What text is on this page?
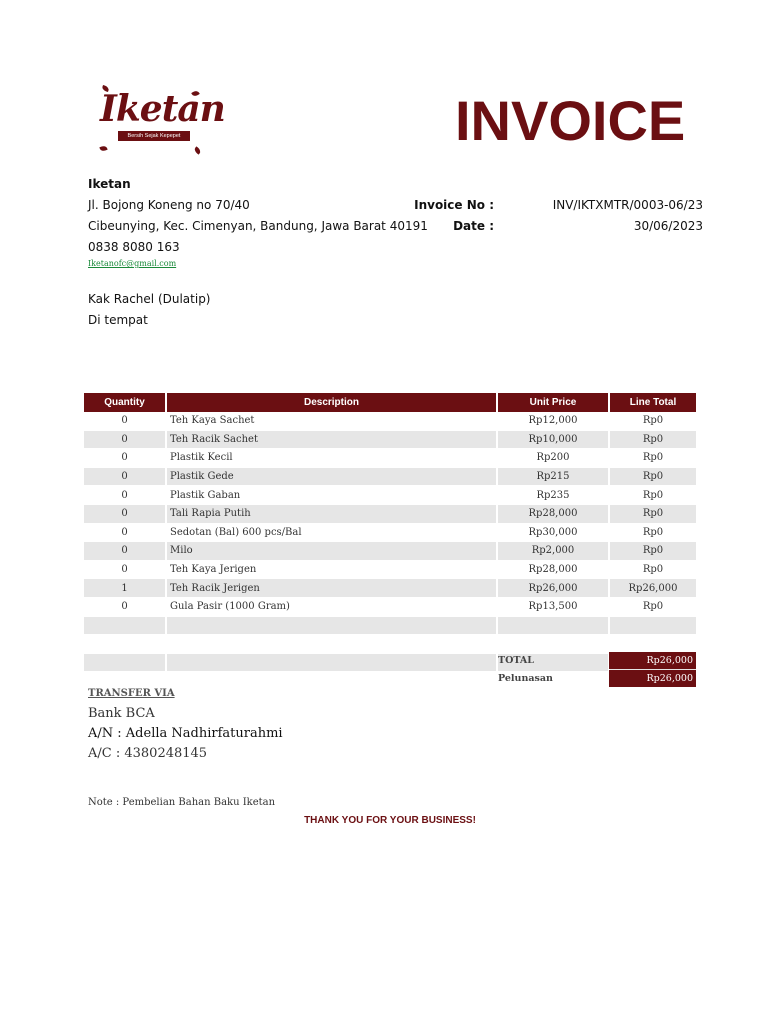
Iketan
Bersih Sejak Kepepet	INVOICE
Iketan
Jl. Bojong Koneng no 70/40
Cibeunying, Kec. Cimenyan, Bandung, Jawa Barat 40191
0838 8080 163
Iketanofc@gmail.com
Invoice No :	INV/IKTXMTR/0003-06/23
Date :	30/06/2023
Kak Rachel (Dulatip)
Di tempat
Quantity	Description	Unit Price	Line Total
0	Teh Kaya Sachet	Rp12,000	Rp0
0	Teh Racik Sachet	Rp10,000	Rp0
0	Plastik Kecil	Rp200	Rp0
0	Plastik Gede	Rp215	Rp0
0	Plastik Gaban	Rp235	Rp0
0	Tali Rapia Putih	Rp28,000	Rp0
0	Sedotan (Bal) 600 pcs/Bal	Rp30,000	Rp0
0	Milo	Rp2,000	Rp0
0	Teh Kaya Jerigen	Rp28,000	Rp0
1	Teh Racik Jerigen	Rp26,000	Rp26,000
0	Gula Pasir (1000 Gram)	Rp13,500	Rp0

TOTAL	Rp26,000
Pelunasan	Rp26,000
TRANSFER VIA
Bank BCA
A/N : Adella Nadhirfaturahmi
A/C : 4380248145
Note : Pembelian Bahan Baku Iketan
THANK YOU FOR YOUR BUSINESS!
